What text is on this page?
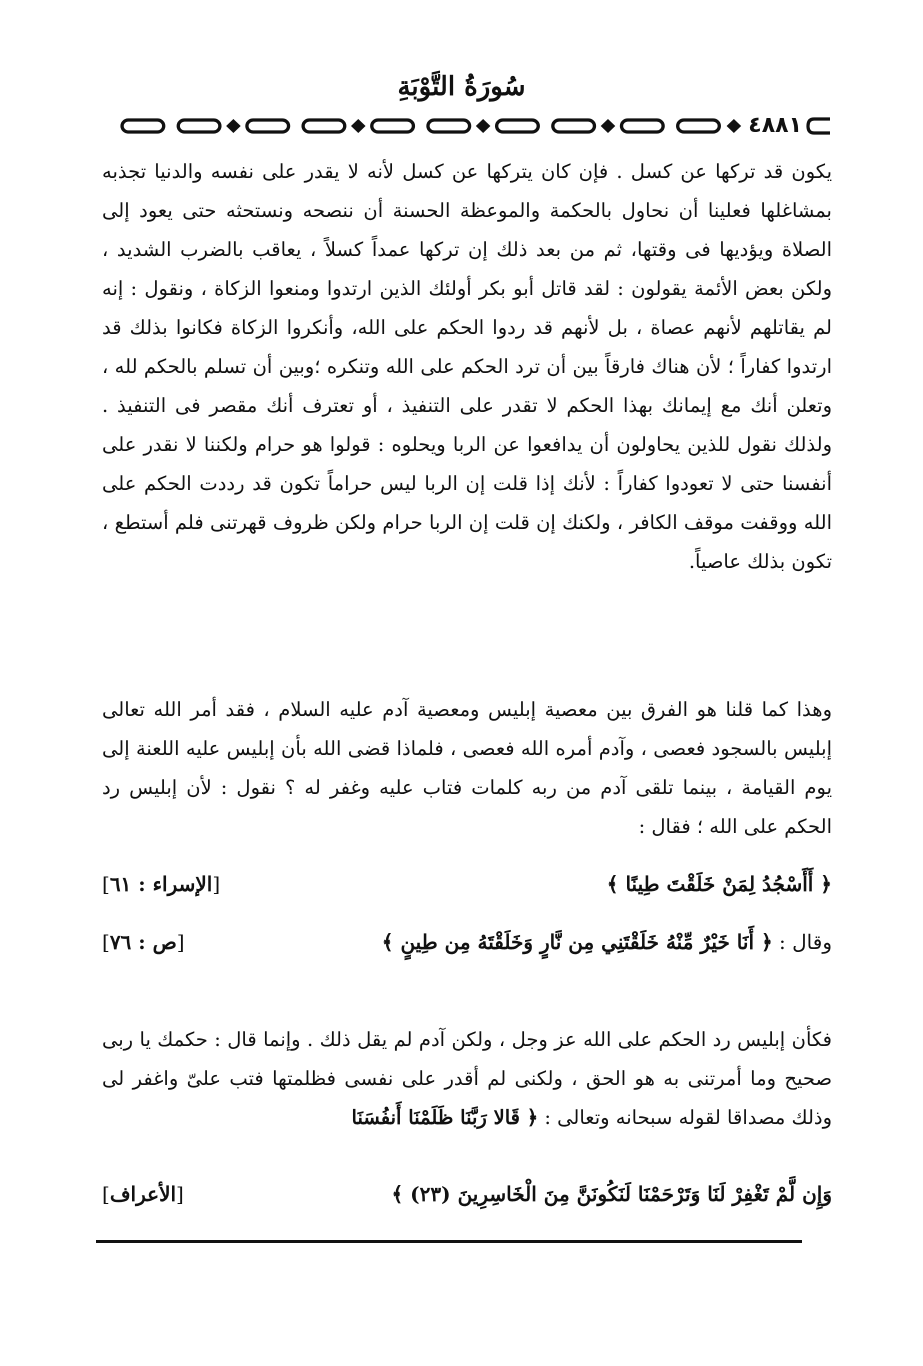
سُورَةُ التَّوْبَةِ
٤٨٨١

يكون قد تركها عن كسل . فإن كان يتركها عن كسل لأنه لا يقدر على نفسه والدنيا تجذبه بمشاغلها فعلينا أن نحاول بالحكمة والموعظة الحسنة أن ننصحه ونستحثه حتى يعود إلى الصلاة ويؤديها فى وقتها، ثم من بعد ذلك إن تركها عمداً كسلاً ، يعاقب بالضرب الشديد ، ولكن بعض الأئمة يقولون : لقد قاتل أبو بكر أولئك الذين ارتدوا ومنعوا الزكاة ، ونقول : إنه لم يقاتلهم لأنهم عصاة ، بل لأنهم قد ردوا الحكم على الله، وأنكروا الزكاة فكانوا بذلك قد ارتدوا كفاراً ؛ لأن هناك فارقاً بين أن ترد الحكم على الله وتنكره ؛وبين أن تسلم بالحكم لله ، وتعلن أنك مع إيمانك بهذا الحكم لا تقدر على التنفيذ ، أو تعترف أنك مقصر فى التنفيذ . ولذلك نقول للذين يحاولون أن يدافعوا عن الربا ويحلوه : قولوا هو حرام ولكننا لا نقدر على أنفسنا حتى لا تعودوا كفاراً : لأنك إذا قلت إن الربا ليس حراماً تكون قد رددت الحكم على الله ووقفت موقف الكافر ، ولكنك إن قلت إن الربا حرام ولكن ظروف قهرتنى فلم أستطع ، تكون بذلك عاصياً.

وهذا كما قلنا هو الفرق بين معصية إبليس ومعصية آدم عليه السلام ، فقد أمر الله تعالى إبليس بالسجود فعصى ، وآدم أمره الله فعصى ، فلماذا قضى الله بأن إبليس عليه اللعنة إلى يوم القيامة ، بينما تلقى آدم من ربه كلمات فتاب عليه وغفر له ؟ نقول : لأن إبليس رد الحكم على الله ؛ فقال :

﴿ أَأَسْجُدُ لِمَنْ خَلَقْتَ طِينًا ﴾
[الإسراء : ٦١]
وقال : ﴿ أَنَا خَيْرٌ مِّنْهُ خَلَقْتَنِي مِن نَّارٍ وَخَلَقْتَهُ مِن طِينٍ ﴾
[ص : ٧٦]

فكأن إبليس رد الحكم على الله عز وجل ، ولكن آدم لم يقل ذلك . وإنما قال : حكمك يا ربى صحيح وما أمرتنى به هو الحق ، ولكنى لم أقدر على نفسى فظلمتها فتب علىّ واغفر لى وذلك مصداقا لقوله سبحانه وتعالى : ﴿ قَالا رَبَّنَا ظَلَمْنَا أَنفُسَنَا

وَإِن لَّمْ تَغْفِرْ لَنَا وَتَرْحَمْنَا لَنَكُونَنَّ مِنَ الْخَاسِرِينَ (٢٣) ﴾
[الأعراف]
